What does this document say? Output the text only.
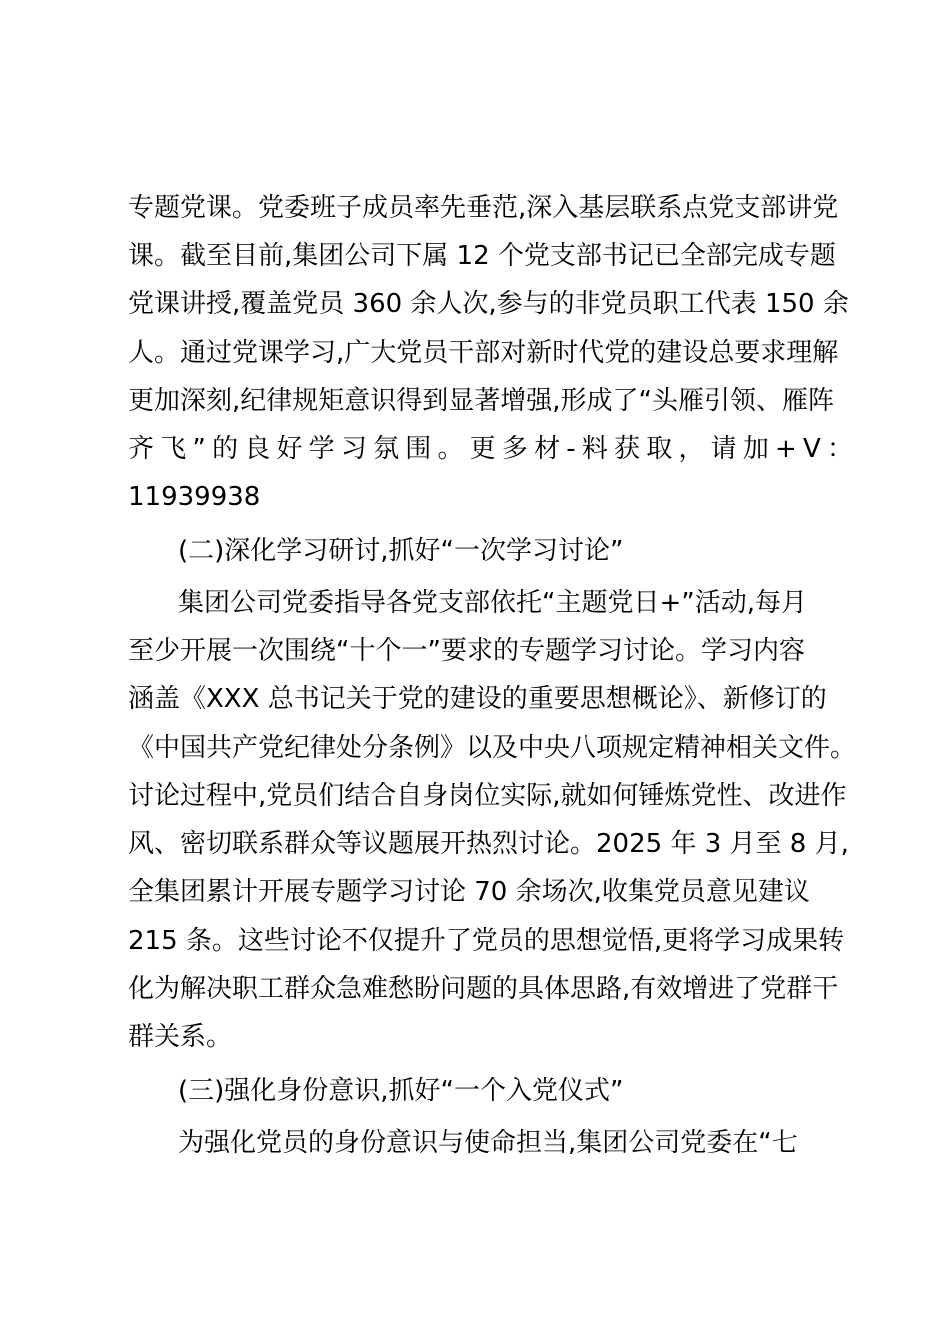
专题党课。党委班子成员率先垂范,深入基层联系点党支部讲党
课。截至目前,集团公司下属 12 个党支部书记已全部完成专题
党课讲授,覆盖党员 360 余人次,参与的非党员职工代表 150 余
人。通过党课学习,广大党员干部对新时代党的建设总要求理解
更加深刻,纪律规矩意识得到显著增强,形成了“头雁引领、雁阵
齐飞”的良好学习氛围。更多材-料获取，请加+V：
11939938
(二)深化学习研讨,抓好“一次学习讨论”
集团公司党委指导各党支部依托“主题党日+”活动,每月
至少开展一次围绕“十个一”要求的专题学习讨论。学习内容
涵盖《XXX 总书记关于党的建设的重要思想概论》、新修订的
《中国共产党纪律处分条例》以及中央八项规定精神相关文件。
讨论过程中,党员们结合自身岗位实际,就如何锤炼党性、改进作
风、密切联系群众等议题展开热烈讨论。2025 年 3 月至 8 月,
全集团累计开展专题学习讨论 70 余场次,收集党员意见建议
215 条。这些讨论不仅提升了党员的思想觉悟,更将学习成果转
化为解决职工群众急难愁盼问题的具体思路,有效增进了党群干
群关系。
(三)强化身份意识,抓好“一个入党仪式”
为强化党员的身份意识与使命担当,集团公司党委在“七
